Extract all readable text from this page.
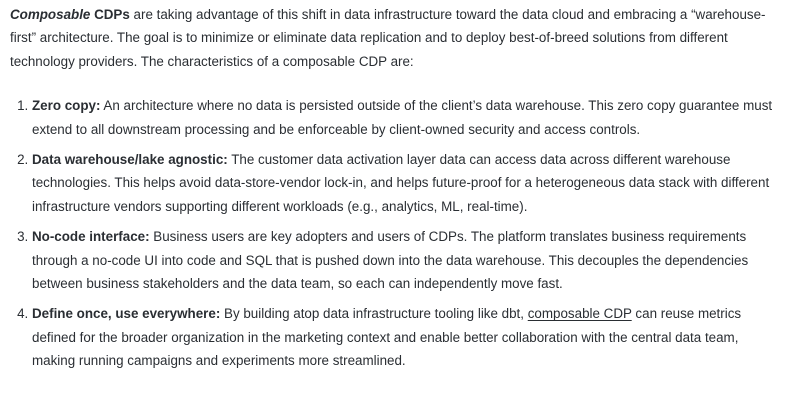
Composable CDPs are taking advantage of this shift in data infrastructure toward the data cloud and embracing a “warehouse-first” architecture. The goal is to minimize or eliminate data replication and to deploy best-of-breed solutions from different technology providers. The characteristics of a composable CDP are:

1. Zero copy: An architecture where no data is persisted outside of the client’s data warehouse. This zero copy guarantee must extend to all downstream processing and be enforceable by client-owned security and access controls.
2. Data warehouse/lake agnostic: The customer data activation layer data can access data across different warehouse technologies. This helps avoid data-store-vendor lock-in, and helps future-proof for a heterogeneous data stack with different infrastructure vendors supporting different workloads (e.g., analytics, ML, real-time).
3. No-code interface: Business users are key adopters and users of CDPs. The platform translates business requirements through a no-code UI into code and SQL that is pushed down into the data warehouse. This decouples the dependencies between business stakeholders and the data team, so each can independently move fast.
4. Define once, use everywhere: By building atop data infrastructure tooling like dbt, composable CDP can reuse metrics defined for the broader organization in the marketing context and enable better collaboration with the central data team, making running campaigns and experiments more streamlined.
